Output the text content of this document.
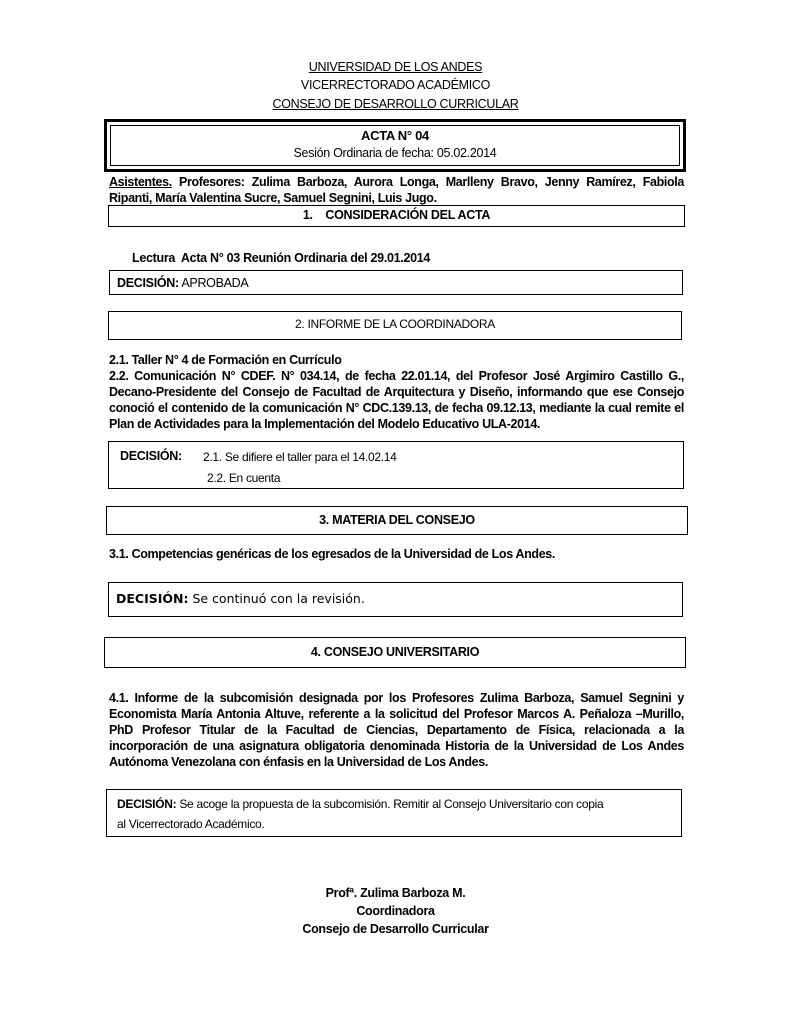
UNIVERSIDAD DE LOS ANDES
VICERRECTORADO ACADÉMICO
CONSEJO DE DESARROLLO CURRICULAR
ACTA N° 04
Sesión Ordinaria de fecha: 05.02.2014
Asistentes. Profesores: Zulima Barboza, Aurora Longa, Marlleny Bravo, Jenny Ramírez, Fabiola Ripanti, María Valentina Sucre, Samuel Segnini, Luis Jugo.
1.    CONSIDERACIÓN DEL ACTA
Lectura  Acta N° 03 Reunión Ordinaria del 29.01.2014
DECISIÓN: APROBADA
2. INFORME DE LA COORDINADORA
2.1. Taller N° 4 de Formación en Currículo
2.2. Comunicación N° CDEF. N° 034.14, de fecha 22.01.14, del Profesor José Argimiro Castillo G., Decano-Presidente del Consejo de Facultad de Arquitectura y Diseño, informando que ese Consejo conoció el contenido de la comunicación N° CDC.139.13, de fecha 09.12.13, mediante la cual remite el Plan de Actividades para la Implementación del Modelo Educativo ULA-2014.
DECISIÓN: 2.1. Se difiere el taller para el 14.02.14
2.2. En cuenta
3. MATERIA DEL CONSEJO
3.1. Competencias genéricas de los egresados de la Universidad de Los Andes.
DECISIÓN: Se continuó con la revisión.
4. CONSEJO UNIVERSITARIO
4.1. Informe de la subcomisión designada por los Profesores Zulima Barboza, Samuel Segnini y Economista María Antonia Altuve, referente a la solicitud del Profesor Marcos A. Peñaloza –Murillo, PhD Profesor Titular de la Facultad de Ciencias, Departamento de Física, relacionada a la incorporación de una asignatura obligatoria denominada Historia de la Universidad de Los Andes Autónoma Venezolana con énfasis en la Universidad de Los Andes.
DECISIÓN: Se acoge la propuesta de la subcomisión. Remitir al Consejo Universitario con copia
al Vicerrectorado Académico.
Profª. Zulima Barboza M.
Coordinadora
Consejo de Desarrollo Curricular
